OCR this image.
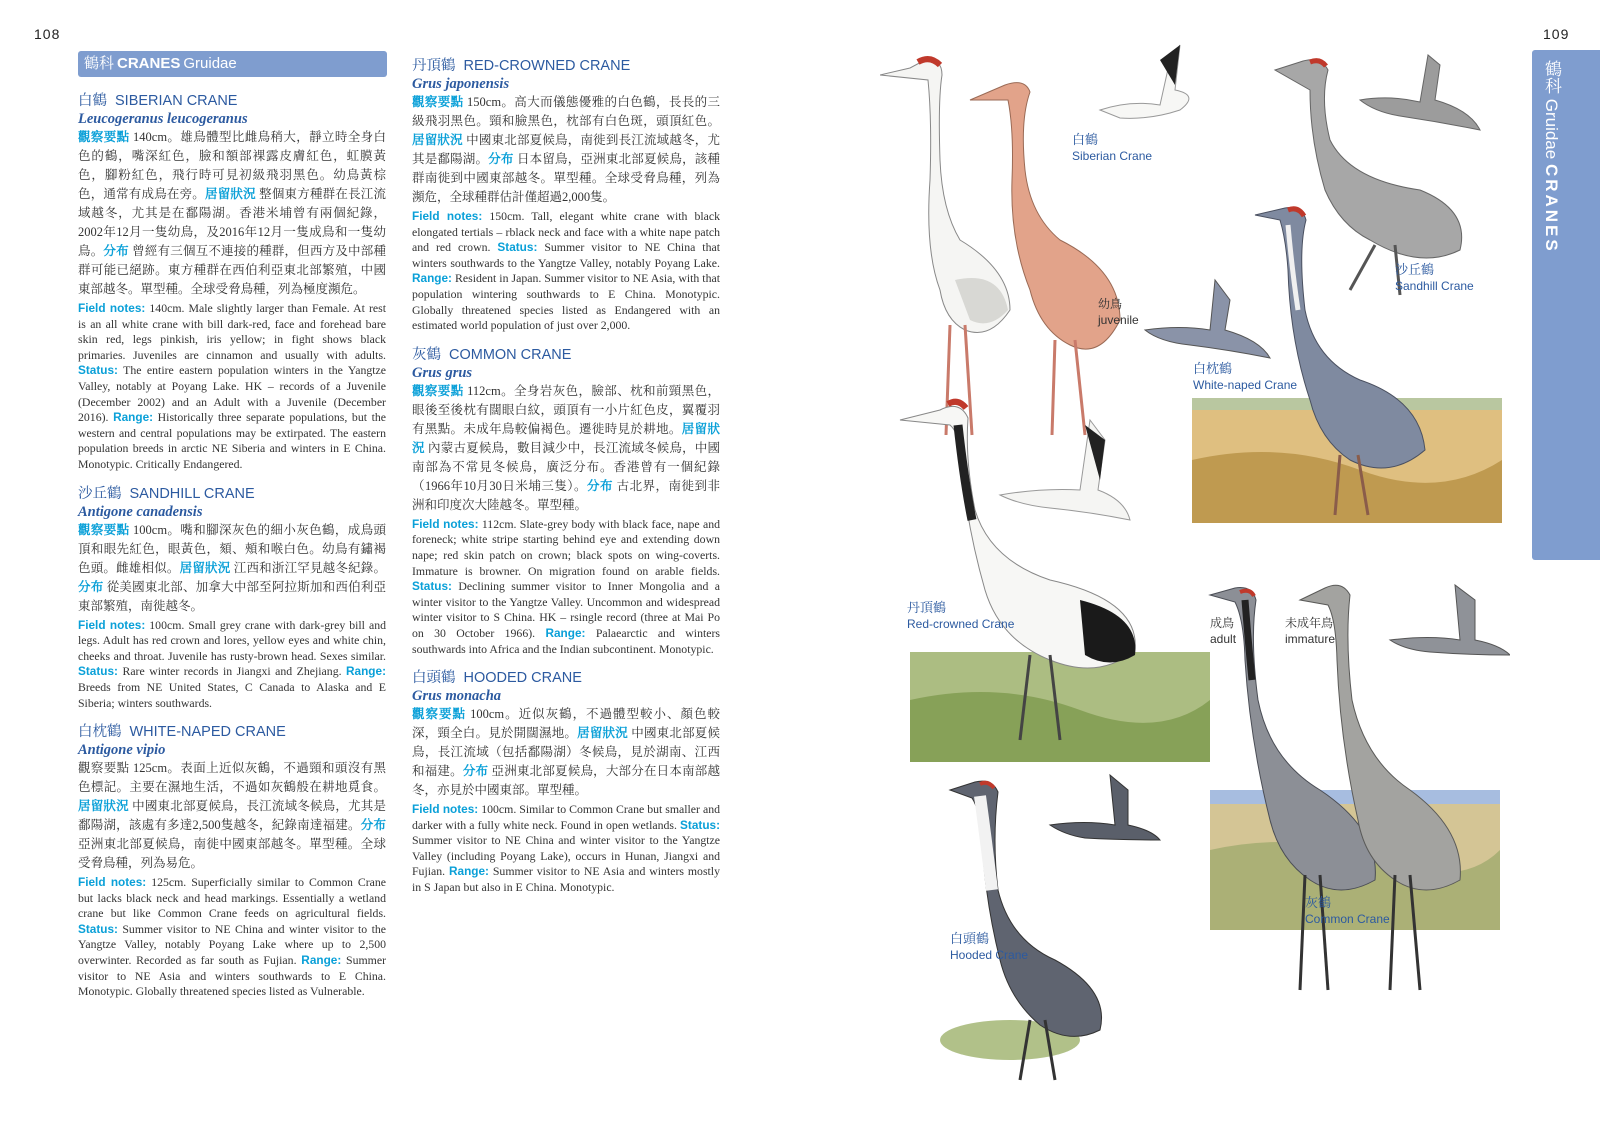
108	109
鶴科 CRANES Gruidae
白鶴 SIBERIAN CRANE
Leucogeranus leucogeranus

觀察要點 140cm。雄鳥體型比雌鳥稍大，靜立時全身白色的鶴，嘴深紅色，臉和額部裸露皮膚紅色，虹膜黃色，腳粉紅色，飛行時可見初級飛羽黑色。幼鳥黃棕色，通常有成鳥在旁。居留狀況 整個東方種群在長江流域越冬，尤其是在鄱陽湖。香港米埔曾有兩個紀錄，2002年12月一隻幼鳥，及2016年12月一隻成鳥和一隻幼鳥。分布 曾經有三個互不連接的種群，但西方及中部種群可能已絕跡。東方種群在西伯利亞東北部繁殖，中國東部越冬。單型種。全球受脅鳥種，列為極度瀕危。

Field notes: 140cm. Male slightly larger than Female. At rest is an all white crane with bill dark-red, face and forehead bare skin red, legs pinkish, iris yellow; in fight shows black primaries. Juveniles are cinnamon and usually with adults. Status: The entire eastern population winters in the Yangtze Valley, notably at Poyang Lake. HK – records of a Juvenile (December 2002) and an Adult with a Juvenile (December 2016). Range: Historically three separate populations, but the western and central populations may be extirpated. The eastern population breeds in arctic NE Siberia and winters in E China. Monotypic. Critically Endangered.

沙丘鶴 SANDHILL CRANE
Antigone canadensis

觀察要點 100cm。嘴和腳深灰色的細小灰色鶴，成鳥頭頂和眼先紅色，眼黃色，頦、頰和喉白色。幼鳥有鏽褐色頭。雌雄相似。居留狀況 江西和浙江罕見越冬紀錄。分布 從美國東北部、加拿大中部至阿拉斯加和西伯利亞東部繁殖，南徙越冬。

Field notes: 100cm. Small grey crane with dark-grey bill and legs. Adult has red crown and lores, yellow eyes and white chin, cheeks and throat. Juvenile has rusty-brown head. Sexes similar. Status: Rare winter records in Jiangxi and Zhejiang. Range: Breeds from NE United States, C Canada to Alaska and E Siberia; winters southwards.

白枕鶴 WHITE-NAPED CRANE
Antigone vipio

觀察要點 125cm。表面上近似灰鶴，不過頸和頭沒有黑色標記。主要在濕地生活，不過如灰鶴般在耕地覓食。居留狀況 中國東北部夏候鳥，長江流域冬候鳥，尤其是鄱陽湖，該處有多達2,500隻越冬，紀錄南達福建。分布 亞洲東北部夏候鳥，南徙中國東部越冬。單型種。全球受脅鳥種，列為易危。

Field notes: 125cm. Superficially similar to Common Crane but lacks black neck and head markings. Essentially a wetland crane but like Common Crane feeds on agricultural fields. Status: Summer visitor to NE China and winter visitor to the Yangtze Valley, notably Poyang Lake where up to 2,500 overwinter. Recorded as far south as Fujian. Range: Summer visitor to NE Asia and winters southwards to E China. Monotypic. Globally threatened species listed as Vulnerable.

丹頂鶴 RED-CROWNED CRANE
Grus japonensis

觀察要點 150cm。高大而儀態優雅的白色鶴，長長的三級飛羽黑色。頸和臉黑色，枕部有白色斑，頭頂紅色。居留狀況 中國東北部夏候鳥，南徙到長江流域越冬，尤其是鄱陽湖。分布 日本留鳥，亞洲東北部夏候鳥，該種群南徙到中國東部越冬。單型種。全球受脅鳥種，列為瀕危，全球種群估計僅超過2,000隻。

Field notes: 150cm. Tall, elegant white crane with black elongated tertials – rblack neck and face with a white nape patch and red crown. Status: Summer visitor to NE China that winters southwards to the Yangtze Valley, notably Poyang Lake. Range: Resident in Japan. Summer visitor to NE Asia, with that population wintering southwards to E China. Monotypic. Globally threatened species listed as Endangered with an estimated world population of just over 2,000.

灰鶴 COMMON CRANE
Grus grus

觀察要點 112cm。全身岩灰色，臉部、枕和前頸黑色，眼後至後枕有闊眼白紋，頭頂有一小片紅色皮，翼覆羽有黑點。未成年鳥較偏褐色。遷徙時見於耕地。居留狀況 內蒙古夏候鳥，數目減少中，長江流域冬候鳥，中國南部為不常見冬候鳥，廣泛分布。香港曾有一個紀錄（1966年10月30日米埔三隻）。分布 古北界，南徙到非洲和印度次大陸越冬。單型種。

Field notes: 112cm. Slate-grey body with black face, nape and foreneck; white stripe starting behind eye and extending down nape; red skin patch on crown; black spots on wing-coverts. Immature is browner. On migration found on arable fields. Status: Declining summer visitor to Inner Mongolia and a winter visitor to the Yangtze Valley. Uncommon and widespread winter visitor to S China. HK – rsingle record (three at Mai Po on 30 October 1966). Range: Palaearctic and winters southwards into Africa and the Indian subcontinent. Monotypic.

白頭鶴 HOODED CRANE
Grus monacha

觀察要點 100cm。近似灰鶴，不過體型較小、顏色較深，頸全白。見於開闊濕地。居留狀況 中國東北部夏候鳥，長江流域（包括鄱陽湖）冬候鳥，見於湖南、江西和福建。分布 亞洲東北部夏候鳥，大部分在日本南部越冬，亦見於中國東部。單型種。

Field notes: 100cm. Similar to Common Crane but smaller and darker with a fully white neck. Found in open wetlands. Status: Summer visitor to NE China and winter visitor to the Yangtze Valley (including Poyang Lake), occurs in Hunan, Jiangxi and Fujian. Range: Summer visitor to NE Asia and winters mostly in S Japan but also in E China. Monotypic.

白鶴
Siberian Crane
幼鳥
juvenile
沙丘鶴
Sandhill Crane
白枕鶴
White-naped Crane
丹頂鶴
Red-crowned Crane	成鳥
adult
未成年鳥
immature
灰鶴
Common Crane
白頭鶴
Hooded Crane
鶴科 Gruidae CRANES
